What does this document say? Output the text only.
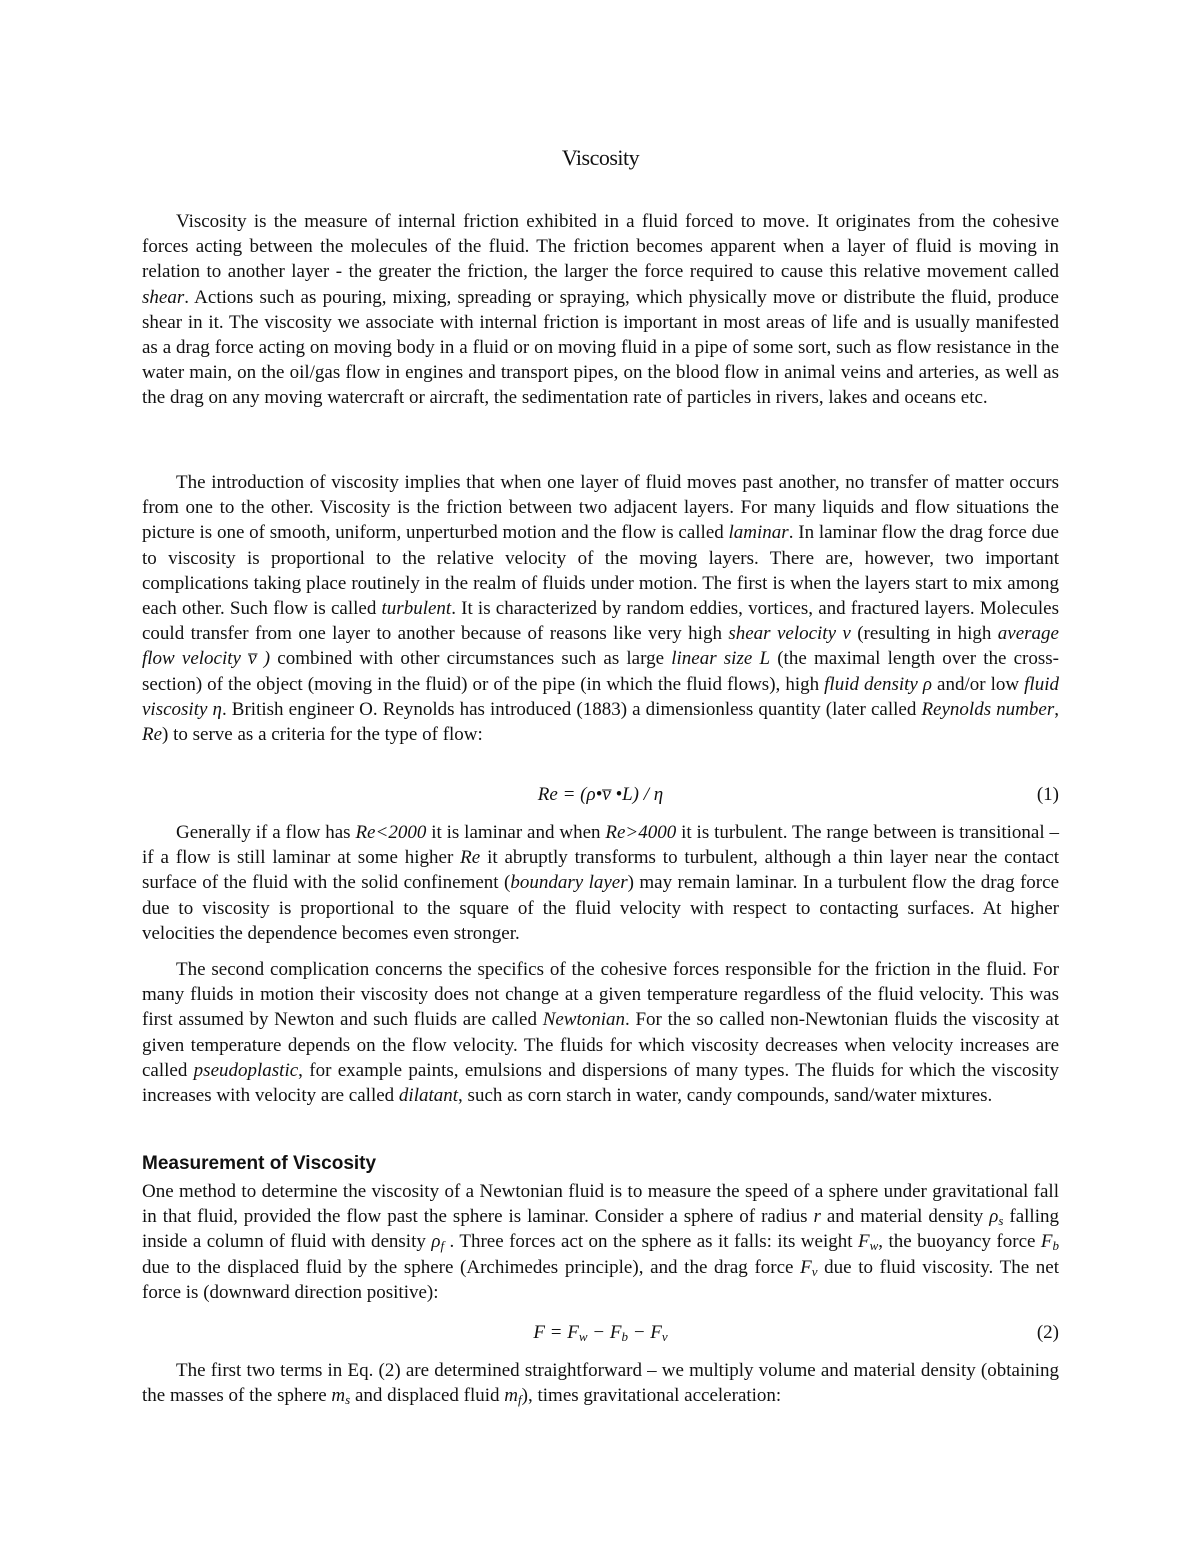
Viscosity

Viscosity is the measure of internal friction exhibited in a fluid forced to move. It originates from the cohesive forces acting between the molecules of the fluid. The friction becomes apparent when a layer of fluid is moving in relation to another layer - the greater the friction, the larger the force required to cause this relative movement called shear. Actions such as pouring, mixing, spreading or spraying, which physically move or distribute the fluid, produce shear in it. The viscosity we associate with internal friction is important in most areas of life and is usually manifested as a drag force acting on moving body in a fluid or on moving fluid in a pipe of some sort, such as flow resistance in the water main, on the oil/gas flow in engines and transport pipes, on the blood flow in animal veins and arteries, as well as the drag on any moving watercraft or aircraft, the sedimentation rate of particles in rivers, lakes and oceans etc.

The introduction of viscosity implies that when one layer of fluid moves past another, no transfer of matter occurs from one to the other. Viscosity is the friction between two adjacent layers. For many liquids and flow situations the picture is one of smooth, uniform, unperturbed motion and the flow is called laminar. In laminar flow the drag force due to viscosity is proportional to the relative velocity of the moving layers. There are, however, two important complications taking place routinely in the realm of fluids under motion. The first is when the layers start to mix among each other. Such flow is called turbulent. It is characterized by random eddies, vortices, and fractured layers. Molecules could transfer from one layer to another because of reasons like very high shear velocity v (resulting in high average flow velocity v̅ ) combined with other circumstances such as large linear size L (the maximal length over the cross-section) of the object (moving in the fluid) or of the pipe (in which the fluid flows), high fluid density ρ and/or low fluid viscosity η. British engineer O. Reynolds has introduced (1883) a dimensionless quantity (later called Reynolds number, Re) to serve as a criteria for the type of flow:

Re = (ρ•v̅ •L) / η	(1)

Generally if a flow has Re<2000 it is laminar and when Re>4000 it is turbulent. The range between is transitional – if a flow is still laminar at some higher Re it abruptly transforms to turbulent, although a thin layer near the contact surface of the fluid with the solid confinement (boundary layer) may remain laminar. In a turbulent flow the drag force due to viscosity is proportional to the square of the fluid velocity with respect to contacting surfaces. At higher velocities the dependence becomes even stronger.

The second complication concerns the specifics of the cohesive forces responsible for the friction in the fluid. For many fluids in motion their viscosity does not change at a given temperature regardless of the fluid velocity. This was first assumed by Newton and such fluids are called Newtonian. For the so called non-Newtonian fluids the viscosity at given temperature depends on the flow velocity. The fluids for which viscosity decreases when velocity increases are called pseudoplastic, for example paints, emulsions and dispersions of many types. The fluids for which the viscosity increases with velocity are called dilatant, such as corn starch in water, candy compounds, sand/water mixtures.

Measurement of Viscosity

One method to determine the viscosity of a Newtonian fluid is to measure the speed of a sphere under gravitational fall in that fluid, provided the flow past the sphere is laminar. Consider a sphere of radius r and material density $\rho_s$ falling inside a column of fluid with density $\rho_f$ . Three forces act on the sphere as it falls: its weight $F_w$, the buoyancy force $F_b$ due to the displaced fluid by the sphere (Archimedes principle), and the drag force $F_v$ due to fluid viscosity. The net force is (downward direction positive):

$F = F_w - F_b - F_v$	(2)

The first two terms in Eq. (2) are determined straightforward – we multiply volume and material density (obtaining the masses of the sphere $m_s$ and displaced fluid $m_f$), times gravitational acceleration:
